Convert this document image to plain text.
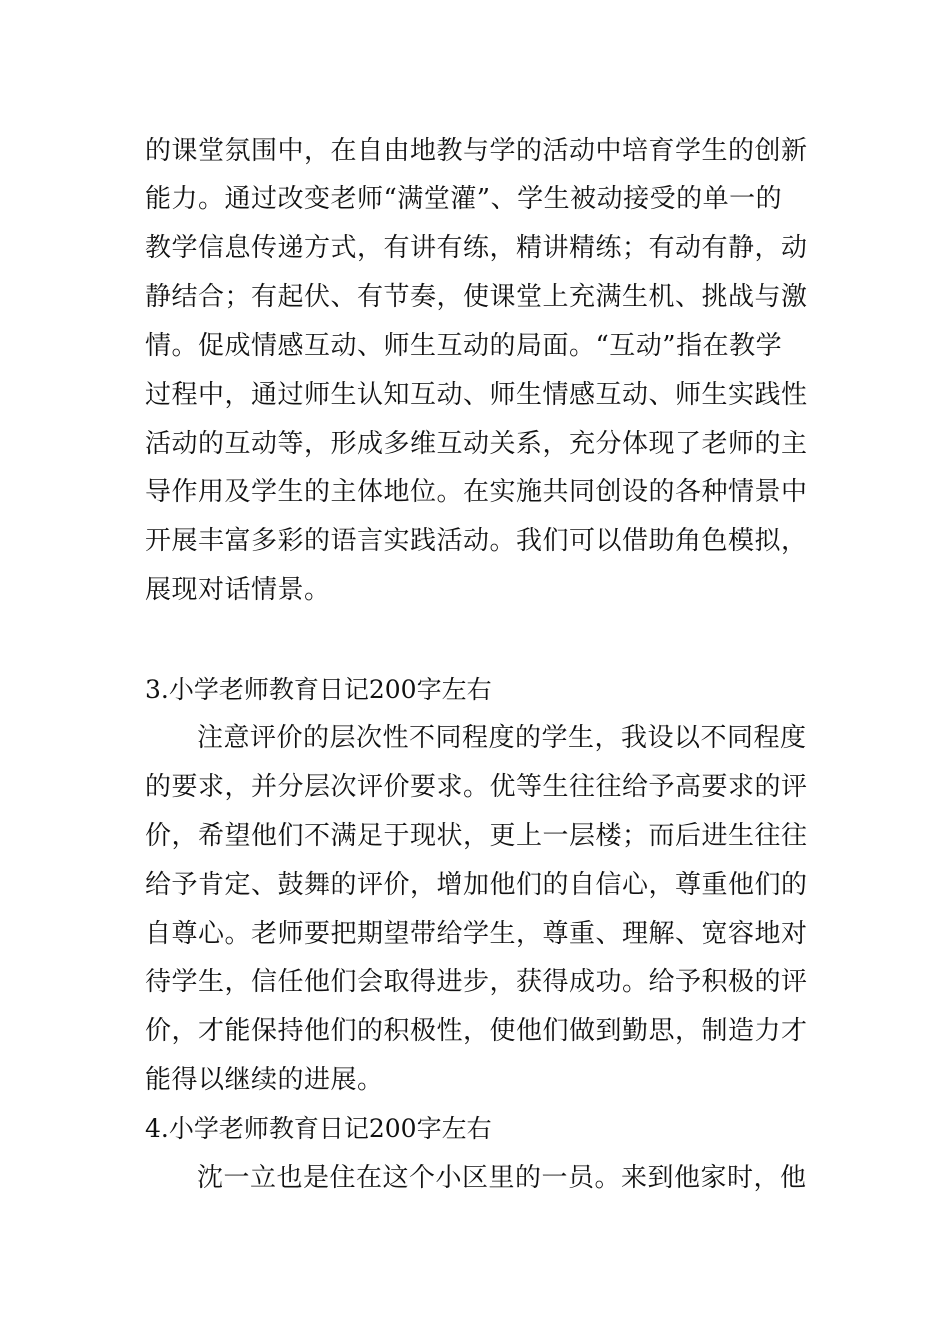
的课堂氛围中，在自由地教与学的活动中培育学生的创新
能力。通过改变老师“满堂灌”、学生被动接受的单一的
教学信息传递方式，有讲有练，精讲精练；有动有静，动
静结合；有起伏、有节奏，使课堂上充满生机、挑战与激
情。促成情感互动、师生互动的局面。“互动”指在教学
过程中，通过师生认知互动、师生情感互动、师生实践性
活动的互动等，形成多维互动关系，充分体现了老师的主
导作用及学生的主体地位。在实施共同创设的各种情景中
开展丰富多彩的语言实践活动。我们可以借助角色模拟，
展现对话情景。
3.小学老师教育日记200字左右
注意评价的层次性不同程度的学生，我设以不同程度
的要求，并分层次评价要求。优等生往往给予高要求的评
价，希望他们不满足于现状，更上一层楼；而后进生往往
给予肯定、鼓舞的评价，增加他们的自信心，尊重他们的
自尊心。老师要把期望带给学生，尊重、理解、宽容地对
待学生，信任他们会取得进步，获得成功。给予积极的评
价，才能保持他们的积极性，使他们做到勤思，制造力才
能得以继续的进展。
4.小学老师教育日记200字左右
沈一立也是住在这个小区里的一员。来到他家时，他
